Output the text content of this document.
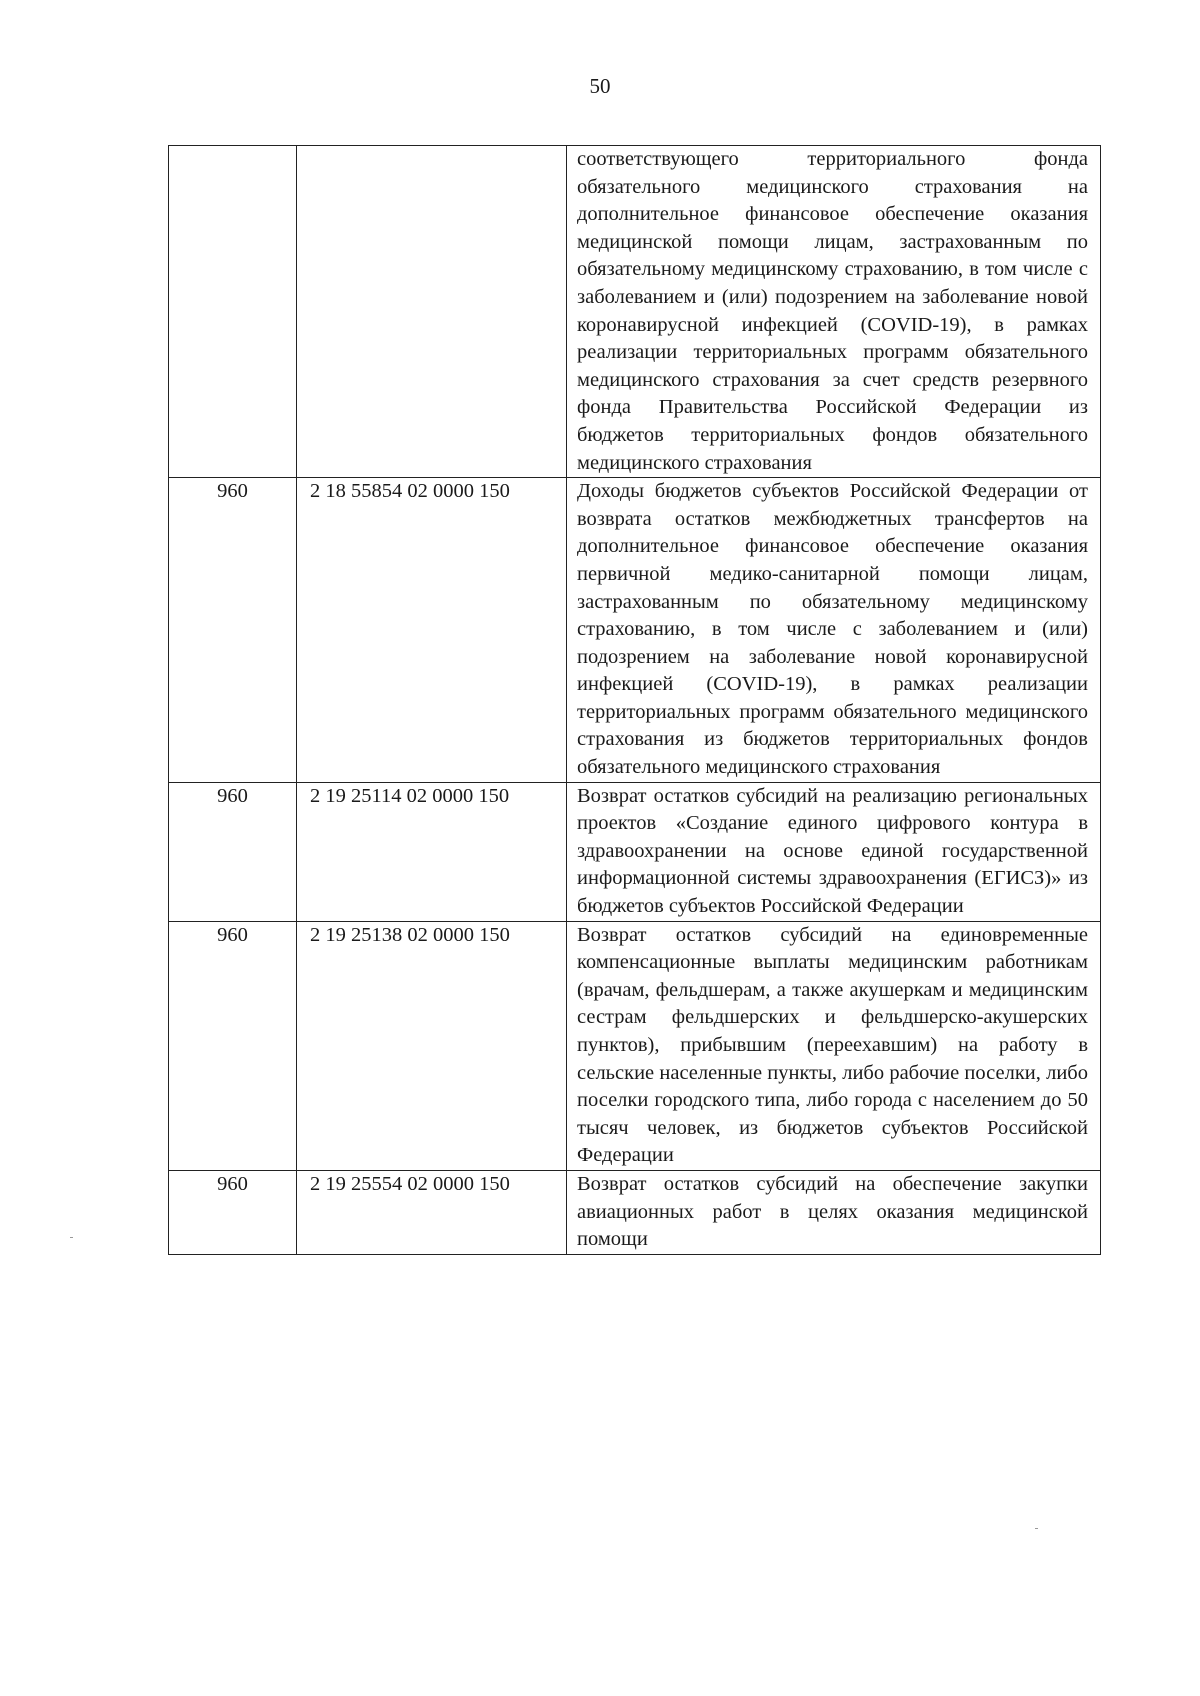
50
		соответствующего территориального фонда обязательного медицинского страхования на дополнительное финансовое обеспечение оказания медицинской помощи лицам, застрахованным по обязательному медицинскому страхованию, в том числе с заболеванием и (или) подозрением на заболевание новой коронавирусной инфекцией (COVID-19), в рамках реализации территориальных программ обязательного медицинского страхования за счет средств резервного фонда Правительства Российской Федерации из бюджетов территориальных фондов обязательного медицинского страхования
960	2 18 55854 02 0000 150	Доходы бюджетов субъектов Российской Федерации от возврата остатков межбюджетных трансфертов на дополнительное финансовое обеспечение оказания первичной медико-санитарной помощи лицам, застрахованным по обязательному медицинскому страхованию, в том числе с заболеванием и (или) подозрением на заболевание новой коронавирусной инфекцией (COVID-19), в рамках реализации территориальных программ обязательного медицинского страхования из бюджетов территориальных фондов обязательного медицинского страхования
960	2 19 25114 02 0000 150	Возврат остатков субсидий на реализацию региональных проектов «Создание единого цифрового контура в здравоохранении на основе единой государственной информационной системы здравоохранения (ЕГИСЗ)» из бюджетов субъектов Российской Федерации
960	2 19 25138 02 0000 150	Возврат остатков субсидий на единовременные компенсационные выплаты медицинским работникам (врачам, фельдшерам, а также акушеркам и медицинским сестрам фельдшерских и фельдшерско-акушерских пунктов), прибывшим (переехавшим) на работу в сельские населенные пункты, либо рабочие поселки, либо поселки городского типа, либо города с населением до 50 тысяч человек, из бюджетов субъектов Российской Федерации
960	2 19 25554 02 0000 150	Возврат остатков субсидий на обеспечение закупки авиационных работ в целях оказания медицинской помощи
